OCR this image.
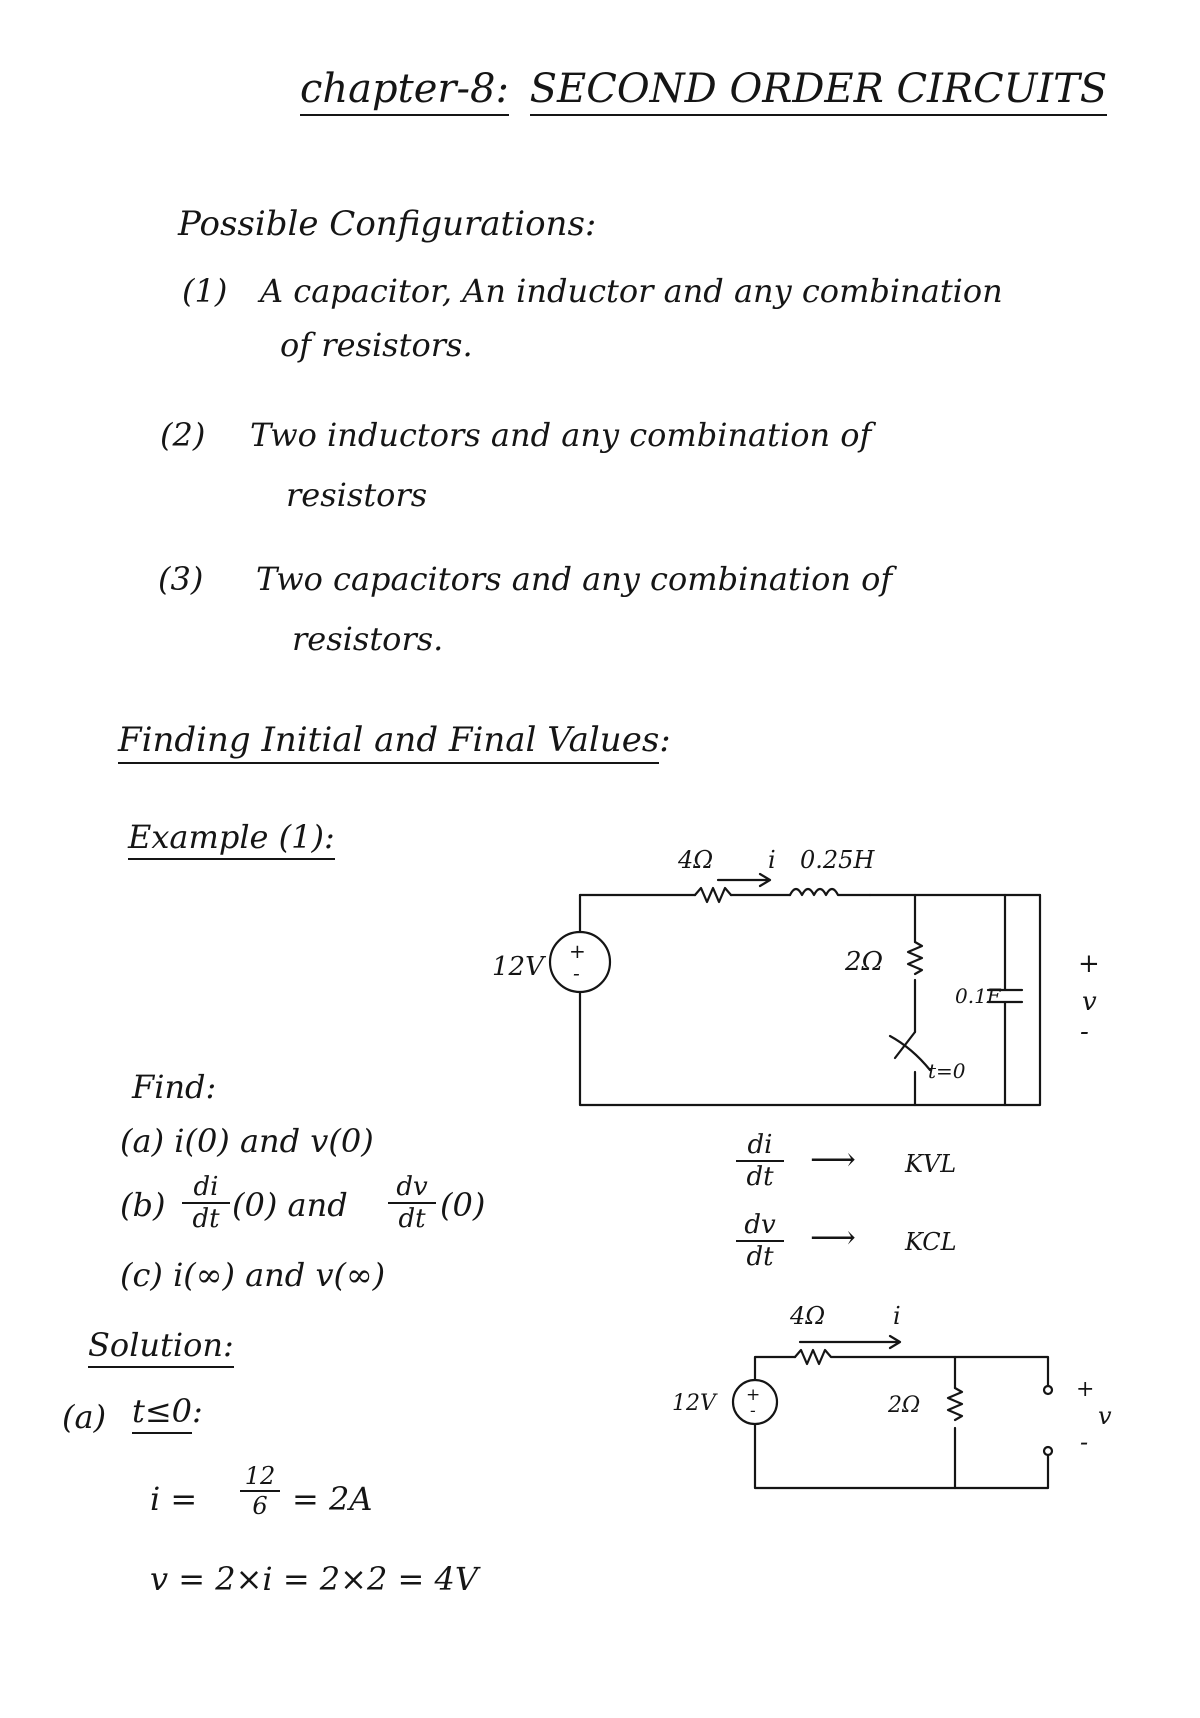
chapter-8: SECOND ORDER CIRCUITS
Possible Configurations:
(1) A capacitor, An inductor and any combination
of resistors.
(2) Two inductors and any combination of
resistors
(3) Two capacitors and any combination of
resistors.
Finding Initial and Final Values:
Example (1):
+
-
4Ω i 0.25H
2Ω
12V
0.1F
+
v
-
t=0
+
-
4Ω	i
12V	2Ω
+
v
-
Find:
(a) i(0) and v(0)
$(b) \frac{di}{dt} (0)$ and $\frac{dv}{dt} (0)$
(c) i(∞) and v(∞)
$\frac{di}{dt}$ ⟶ KVL
$\frac{dv}{dt}$ ⟶ KCL
Solution:
(a) t≤0:
$i = \frac{12}{6} = 2A$
v = 2×i = 2×2 = 4V
